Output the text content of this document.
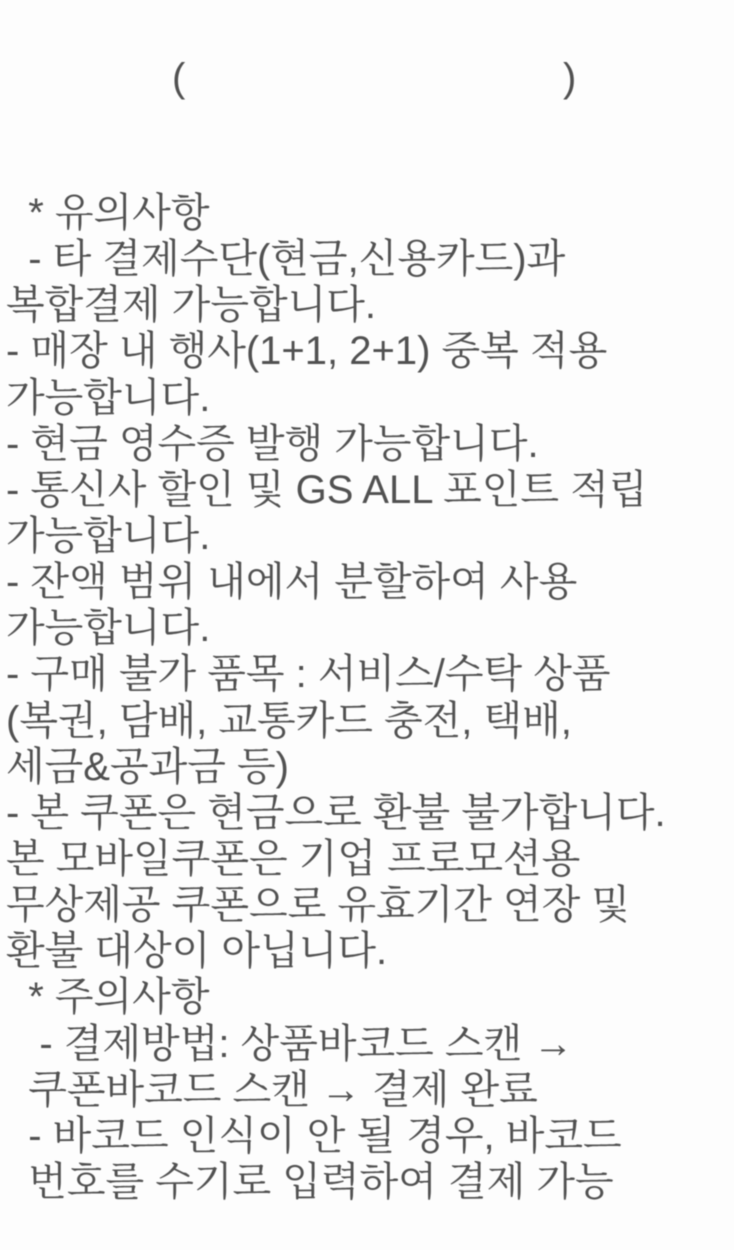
(

	)

* 유의사항
- 타 결제수단(현금,신용카드)과
복합결제 가능합니다.
- 매장 내 행사(1+1, 2+1) 중복 적용
가능합니다.
- 현금 영수증 발행 가능합니다.
- 통신사 할인 및 GS ALL 포인트 적립
가능합니다.
- 잔액 범위 내에서 분할하여 사용
가능합니다.
- 구매 불가 품목 : 서비스/수탁 상품
(복권, 담배, 교통카드 충전, 택배,
세금&공과금 등)
- 본 쿠폰은 현금으로 환불 불가합니다.
본 모바일쿠폰은 기업 프로모션용
무상제공 쿠폰으로 유효기간 연장 및
환불 대상이 아닙니다.
* 주의사항
- 결제방법: 상품바코드 스캔 →
쿠폰바코드 스캔 → 결제 완료
- 바코드 인식이 안 될 경우, 바코드
번호를 수기로 입력하여 결제 가능
